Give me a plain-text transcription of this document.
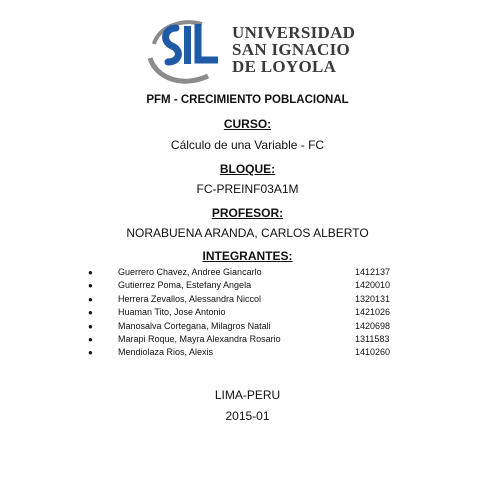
UNIVERSIDAD
SAN IGNACIO
DE LOYOLA
PFM - CRECIMIENTO POBLACIONAL
CURSO:
Cálculo de una Variable - FC
BLOQUE:
FC-PREINF03A1M
PROFESOR:
NORABUENA ARANDA, CARLOS ALBERTO
INTEGRANTES:
●	Guerrero Chavez, Andree Giancarlo	1412137
●	Gutierrez Poma, Estefany Angela	1420010
●	Herrera Zevallos, Alessandra Niccol	1320131
●	Huaman Tito, Jose Antonio	1421026
●	Manosalva Cortegana, Milagros Natali	1420698
●	Marapi Roque, Mayra Alexandra Rosario	1311583
●	Mendiolaza Rios, Alexis	1410260
LIMA-PERU
2015-01
